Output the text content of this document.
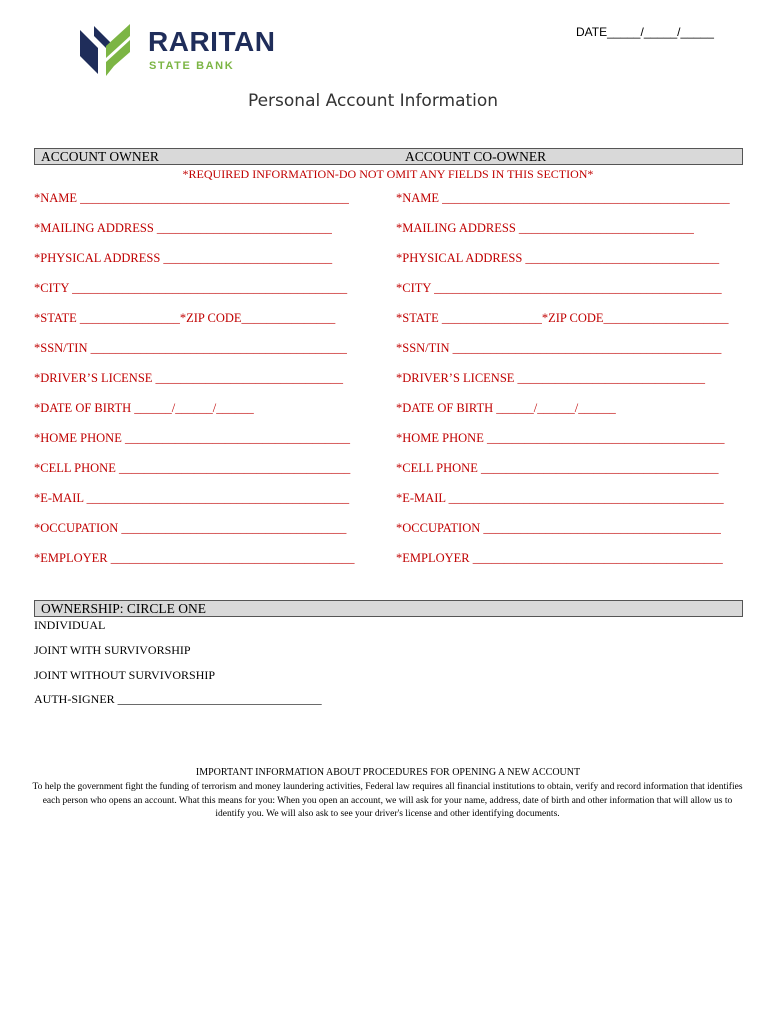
DATE_____/_____/_____
RARITAN
STATE BANK
Personal Account Information
ACCOUNT OWNER	ACCOUNT CO-OWNER
*REQUIRED INFORMATION-DO NOT OMIT ANY FIELDS IN THIS SECTION*
*NAME ___________________________________________
*MAILING ADDRESS ____________________________
*PHYSICAL ADDRESS ___________________________
*CITY ____________________________________________
*STATE ________________*ZIP CODE_______________
*SSN/TIN _________________________________________
*DRIVER’S LICENSE ______________________________
*DATE OF BIRTH ______/______/______
*HOME PHONE ____________________________________
*CELL PHONE _____________________________________
*E-MAIL __________________________________________
*OCCUPATION ____________________________________
*EMPLOYER _______________________________________
*NAME ______________________________________________
*MAILING ADDRESS ____________________________
*PHYSICAL ADDRESS _______________________________
*CITY ______________________________________________
*STATE ________________*ZIP CODE____________________
*SSN/TIN ___________________________________________
*DRIVER’S LICENSE ______________________________
*DATE OF BIRTH ______/______/______
*HOME PHONE ______________________________________
*CELL PHONE ______________________________________
*E-MAIL ____________________________________________
*OCCUPATION ______________________________________
*EMPLOYER ________________________________________
OWNERSHIP: CIRCLE ONE
INDIVIDUAL
JOINT WITH SURVIVORSHIP
JOINT WITHOUT SURVIVORSHIP
AUTH-SIGNER __________________________________
IMPORTANT INFORMATION ABOUT PROCEDURES FOR OPENING A NEW ACCOUNT
To help the government fight the funding of terrorism and money laundering activities, Federal law requires all financial institutions to obtain, verify and record information that identifies each person who opens an account. What this means for you: When you open an account, we will ask for your name, address, date of birth and other information that will allow us to identify you. We will also ask to see your driver's license and other identifying documents.
